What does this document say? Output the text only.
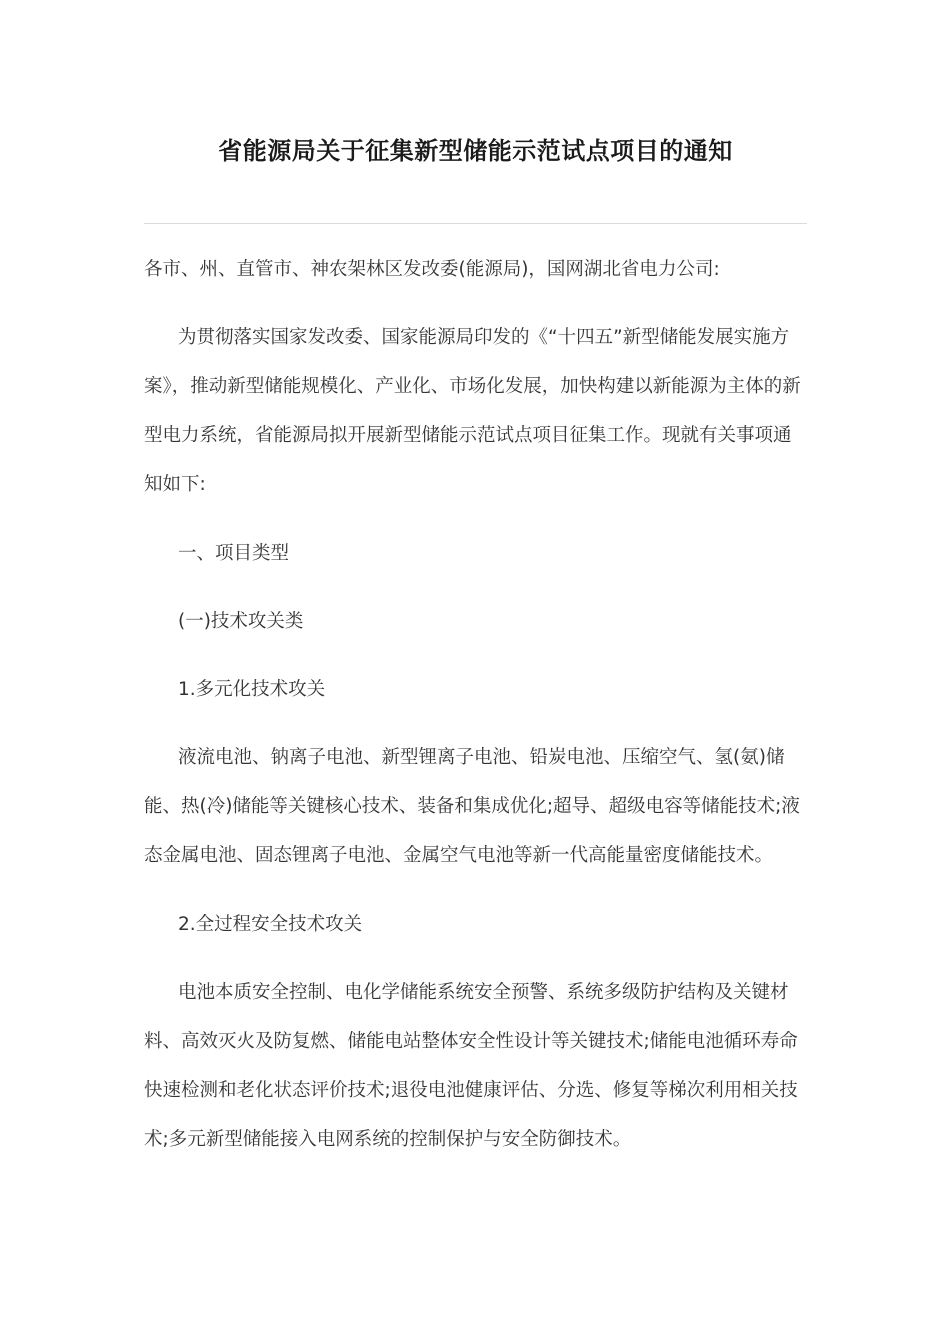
省能源局关于征集新型储能示范试点项目的通知

各市、州、直管市、神农架林区发改委(能源局)，国网湖北省电力公司:

为贯彻落实国家发改委、国家能源局印发的《“十四五”新型储能发展实施方案》，推动新型储能规模化、产业化、市场化发展，加快构建以新能源为主体的新型电力系统，省能源局拟开展新型储能示范试点项目征集工作。现就有关事项通知如下:

一、项目类型

(一)技术攻关类

1.多元化技术攻关

液流电池、钠离子电池、新型锂离子电池、铅炭电池、压缩空气、氢(氨)储能、热(冷)储能等关键核心技术、装备和集成优化;超导、超级电容等储能技术;液态金属电池、固态锂离子电池、金属空气电池等新一代高能量密度储能技术。

2.全过程安全技术攻关

电池本质安全控制、电化学储能系统安全预警、系统多级防护结构及关键材料、高效灭火及防复燃、储能电站整体安全性设计等关键技术;储能电池循环寿命快速检测和老化状态评价技术;退役电池健康评估、分选、修复等梯次利用相关技术;多元新型储能接入电网系统的控制保护与安全防御技术。
